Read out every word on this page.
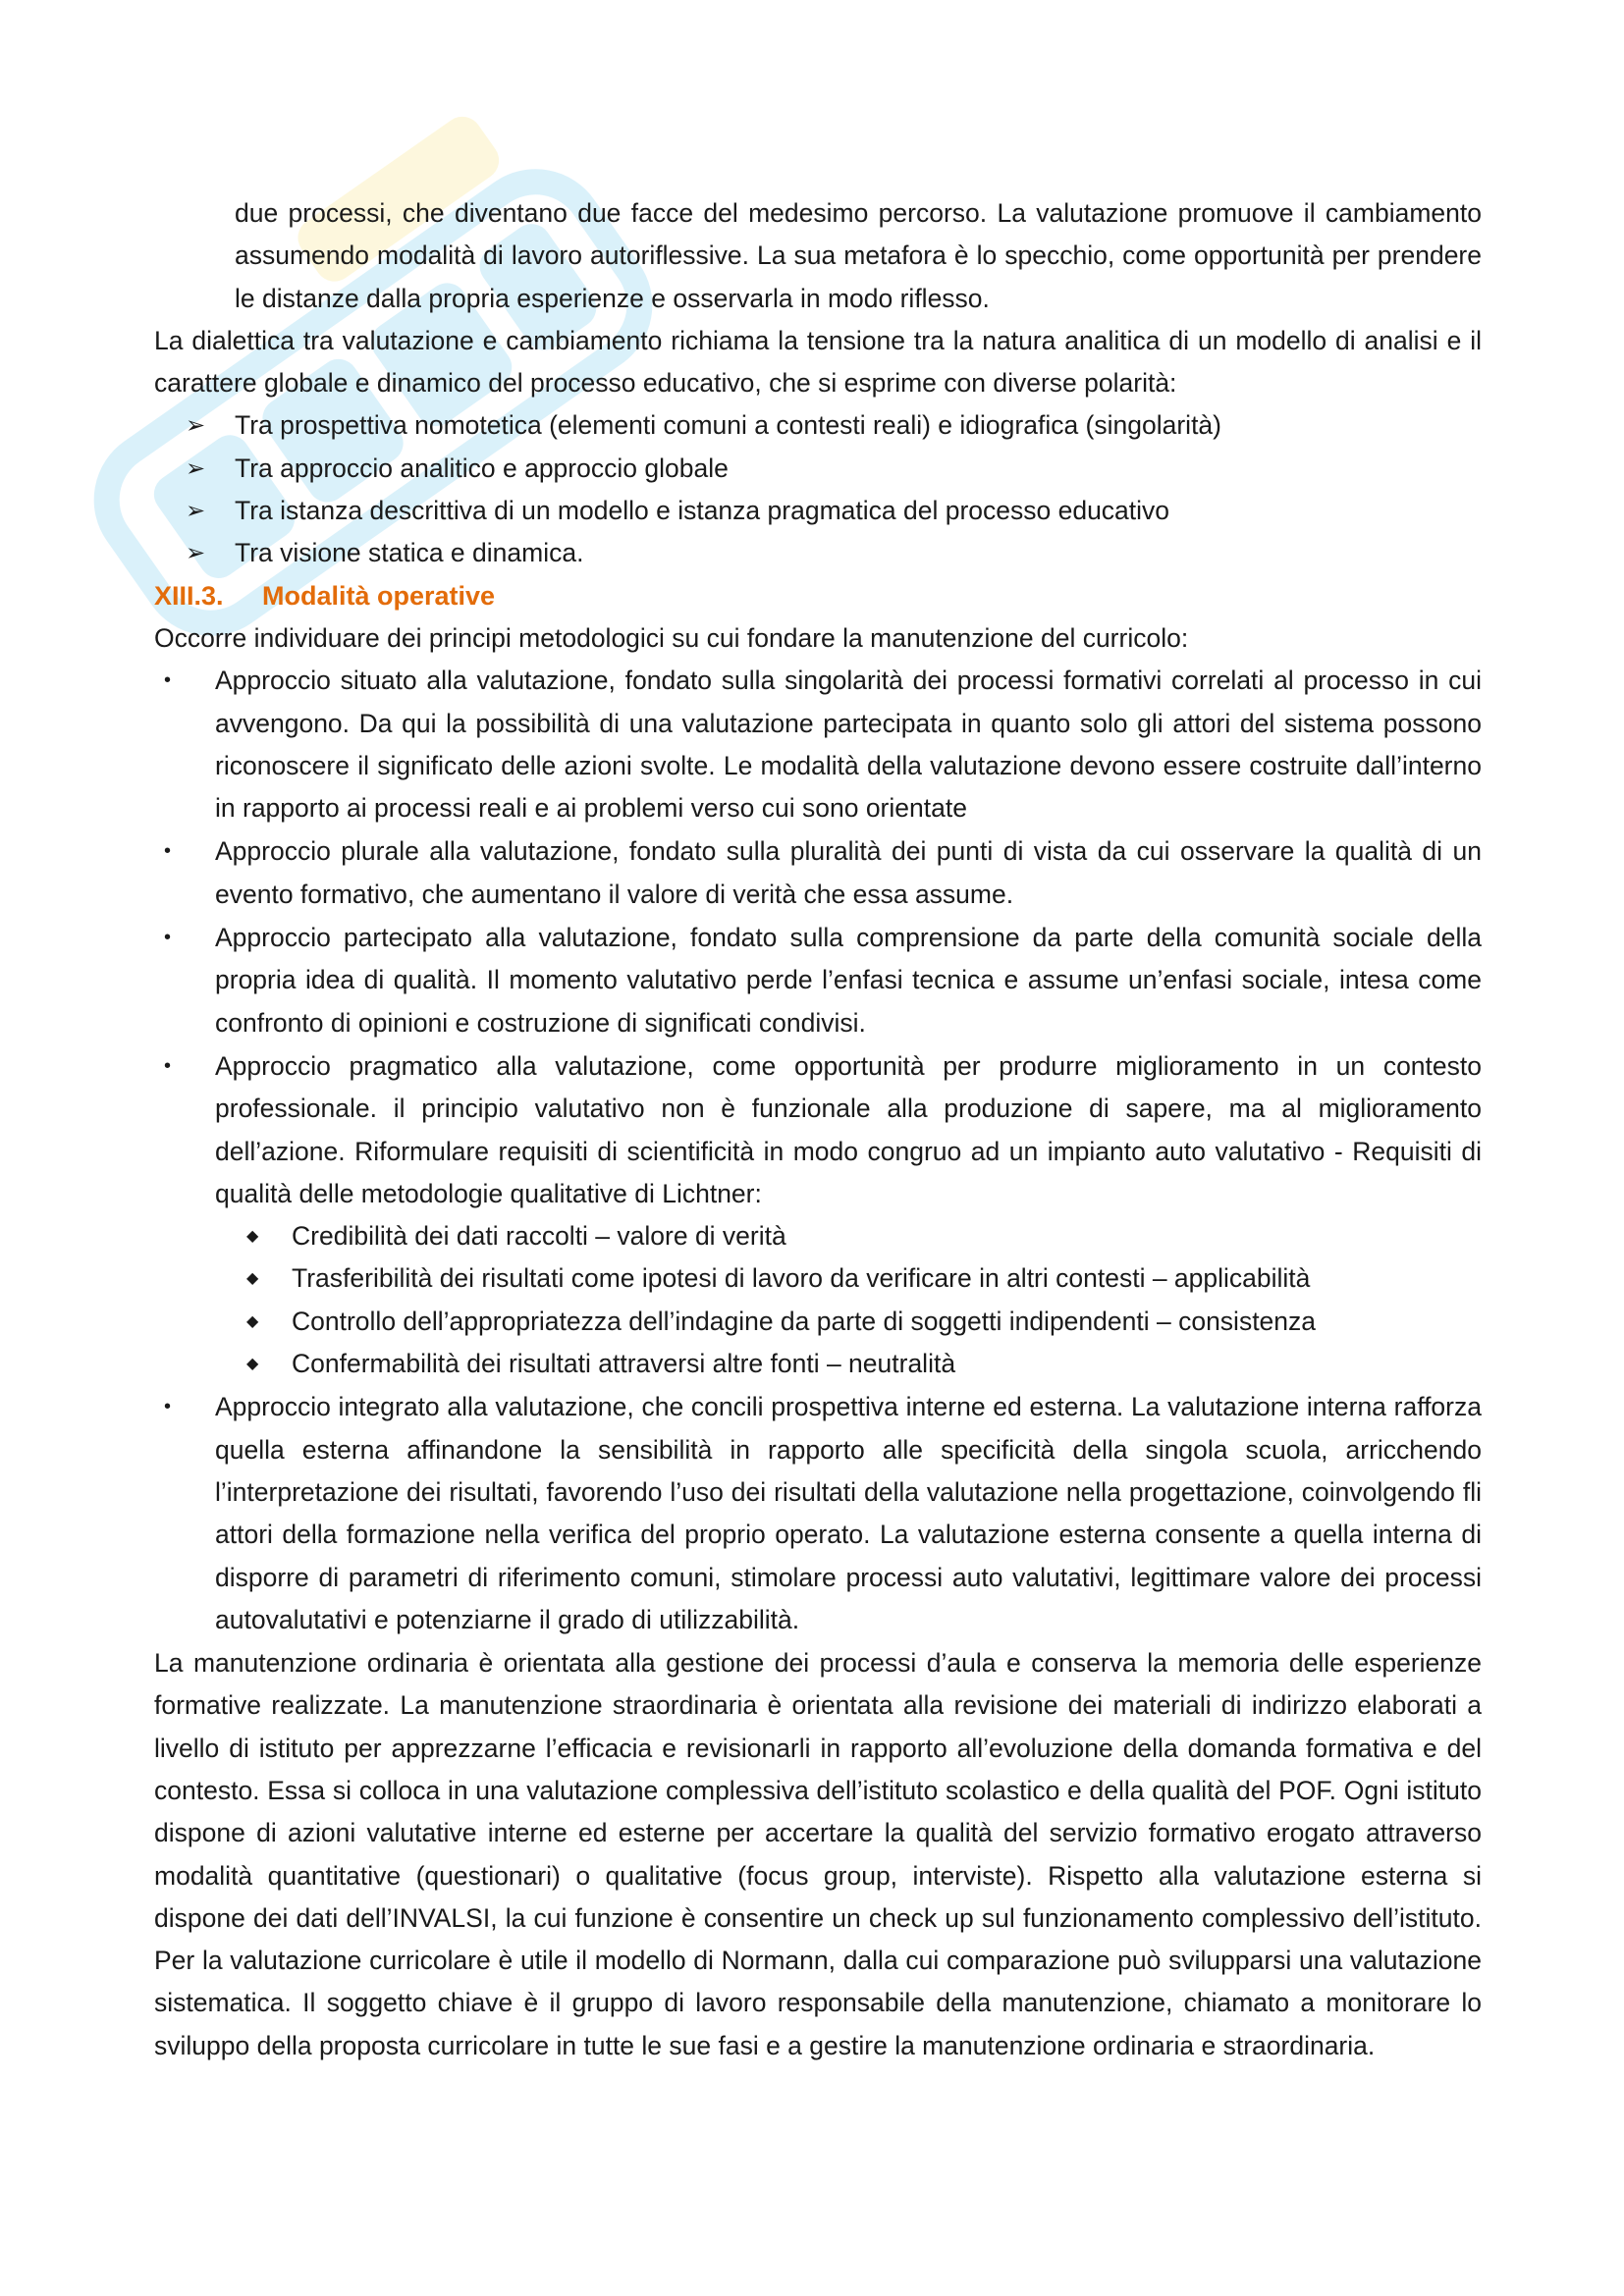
due processi, che diventano due facce del medesimo percorso. La valutazione promuove il cambiamento assumendo modalità di lavoro autoriflessive. La sua metafora è lo specchio, come opportunità per prendere le distanze dalla propria esperienze e osservarla in modo riflesso.

La dialettica tra valutazione e cambiamento richiama la tensione tra la natura analitica di un modello di analisi e il carattere globale e dinamico del processo educativo, che si esprime con diverse polarità:

➢ Tra prospettiva nomotetica (elementi comuni a contesti reali) e idiografica (singolarità)
➢ Tra approccio analitico e approccio globale
➢ Tra istanza descrittiva di un modello e istanza pragmatica del processo educativo
➢ Tra visione statica e dinamica.
XIII.3. Modalità operative

Occorre individuare dei principi metodologici su cui fondare la manutenzione del curricolo:

• Approccio situato alla valutazione, fondato sulla singolarità dei processi formativi correlati al processo in cui avvengono. Da qui la possibilità di una valutazione partecipata in quanto solo gli attori del sistema possono riconoscere il significato delle azioni svolte. Le modalità della valutazione devono essere costruite dall’interno in rapporto ai processi reali e ai problemi verso cui sono orientate
• Approccio plurale alla valutazione, fondato sulla pluralità dei punti di vista da cui osservare la qualità di un evento formativo, che aumentano il valore di verità che essa assume.
• Approccio partecipato alla valutazione, fondato sulla comprensione da parte della comunità sociale della propria idea di qualità. Il momento valutativo perde l’enfasi tecnica e assume un’enfasi sociale, intesa come confronto di opinioni e costruzione di significati condivisi.
• Approccio pragmatico alla valutazione, come opportunità per produrre miglioramento in un contesto professionale. il principio valutativo non è funzionale alla produzione di sapere, ma al miglioramento dell’azione. Riformulare requisiti di scientificità in modo congruo ad un impianto auto valutativo - Requisiti di qualità delle metodologie qualitative di Lichtner:
◆ Credibilità dei dati raccolti – valore di verità
◆ Trasferibilità dei risultati come ipotesi di lavoro da verificare in altri contesti – applicabilità
◆ Controllo dell’appropriatezza dell’indagine da parte di soggetti indipendenti – consistenza
◆ Confermabilità dei risultati attraversi altre fonti – neutralità
• Approccio integrato alla valutazione, che concili prospettiva interne ed esterna. La valutazione interna rafforza quella esterna affinandone la sensibilità in rapporto alle specificità della singola scuola, arricchendo l’interpretazione dei risultati, favorendo l’uso dei risultati della valutazione nella progettazione, coinvolgendo fli attori della formazione nella verifica del proprio operato. La valutazione esterna consente a quella interna di disporre di parametri di riferimento comuni, stimolare processi auto valutativi, legittimare valore dei processi autovalutativi e potenziarne il grado di utilizzabilità.

La manutenzione ordinaria è orientata alla gestione dei processi d’aula e conserva la memoria delle esperienze formative realizzate. La manutenzione straordinaria è orientata alla revisione dei materiali di indirizzo elaborati a livello di istituto per apprezzarne l’efficacia e revisionarli in rapporto all’evoluzione della domanda formativa e del contesto. Essa si colloca in una valutazione complessiva dell’istituto scolastico e della qualità del POF. Ogni istituto dispone di azioni valutative interne ed esterne per accertare la qualità del servizio formativo erogato attraverso modalità quantitative (questionari) o qualitative (focus group, interviste). Rispetto alla valutazione esterna si dispone dei dati dell’INVALSI, la cui funzione è consentire un check up sul funzionamento complessivo dell’istituto. Per la valutazione curricolare è utile il modello di Normann, dalla cui comparazione può svilupparsi una valutazione sistematica. Il soggetto chiave è il gruppo di lavoro responsabile della manutenzione, chiamato a monitorare lo sviluppo della proposta curricolare in tutte le sue fasi e a gestire la manutenzione ordinaria e straordinaria.
